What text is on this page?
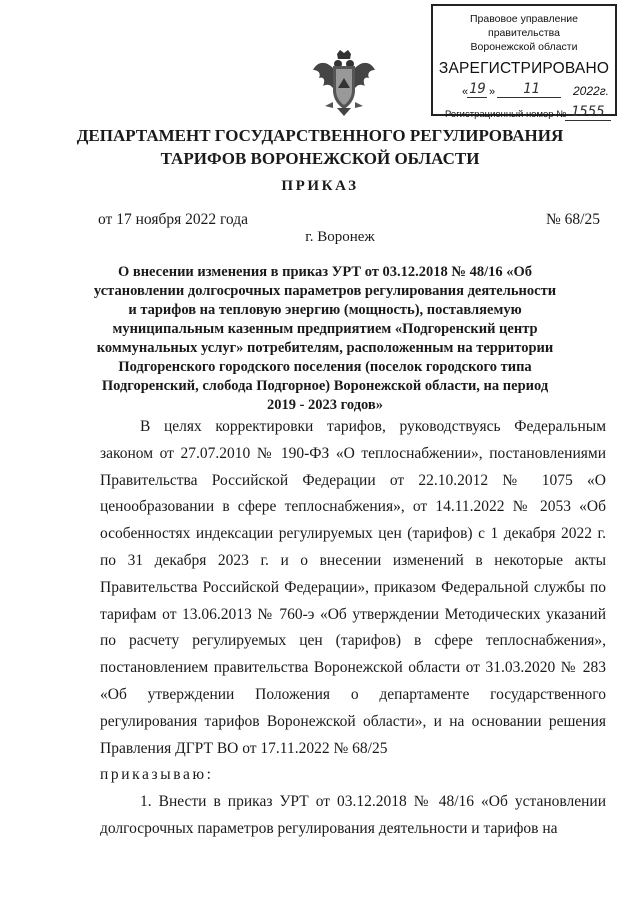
Правовое управление правительства
Воронежской области
ЗАРЕГИСТРИРОВАНО
« 19 » 11	2022г.
Регистрационный номер № 1555
ДЕПАРТАМЕНТ ГОСУДАРСТВЕННОГО РЕГУЛИРОВАНИЯ
ТАРИФОВ ВОРОНЕЖСКОЙ ОБЛАСТИ
ПРИКАЗ
от 17 ноября 2022 года	№ 68/25
г. Воронеж
О внесении изменения в приказ УРТ от 03.12.2018 № 48/16 «Об установлении долгосрочных параметров регулирования деятельности и тарифов на тепловую энергию (мощность), поставляемую муниципальным казенным предприятием «Подгоренский центр коммунальных услуг» потребителям, расположенным на территории Подгоренского городского поселения (поселок городского типа Подгоренский, слобода Подгорное) Воронежской области, на период 2019 - 2023 годов»
В целях корректировки тарифов, руководствуясь Федеральным законом от 27.07.2010 № 190-ФЗ «О теплоснабжении», постановлениями Правительства Российской Федерации от 22.10.2012 № 1075 «О ценообразовании в сфере теплоснабжения», от 14.11.2022 № 2053 «Об особенностях индексации регулируемых цен (тарифов) с 1 декабря 2022 г. по 31 декабря 2023 г. и о внесении изменений в некоторые акты Правительства Российской Федерации», приказом Федеральной службы по тарифам от 13.06.2013 № 760-э «Об утверждении Методических указаний по расчету регулируемых цен (тарифов) в сфере теплоснабжения», постановлением правительства Воронежской области от 31.03.2020 № 283 «Об утверждении Положения о департаменте государственного регулирования тарифов Воронежской области», и на основании решения Правления ДГРТ ВО от 17.11.2022 № 68/25
приказываю:
1. Внести в приказ УРТ от 03.12.2018 № 48/16 «Об установлении долгосрочных параметров регулирования деятельности и тарифов на
